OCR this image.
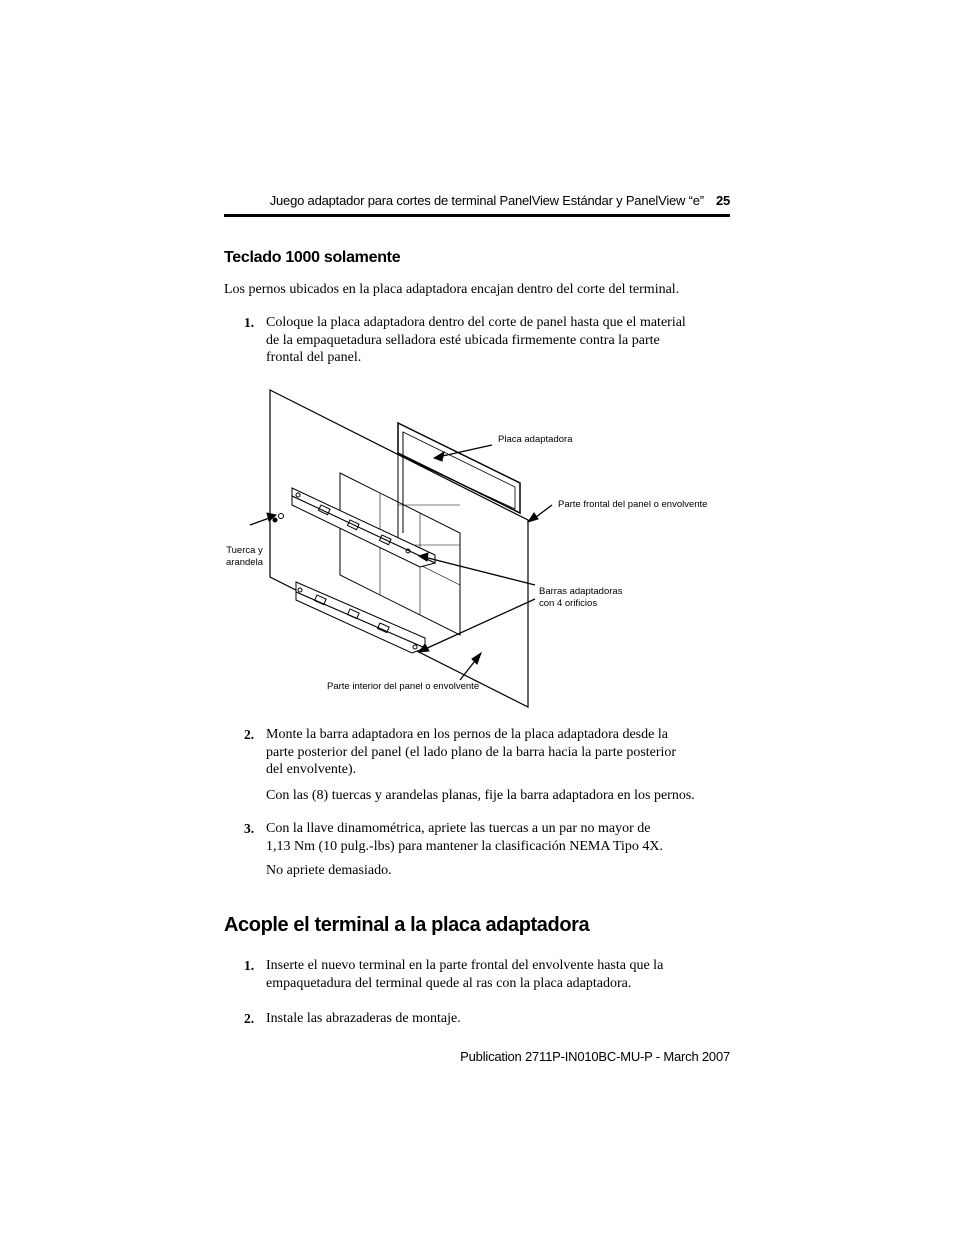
Juego adaptador para cortes de terminal PanelView Estándar y PanelView “e” 25
Teclado 1000 solamente
Los pernos ubicados en la placa adaptadora encajan dentro del corte del terminal.
1. Coloque la placa adaptadora dentro del corte de panel hasta que el material
de la empaquetadura selladora esté ubicada firmemente contra la parte
frontal del panel.
Placa adaptadora
Parte frontal del panel o envolvente
Tuerca y
arandela
Barras adaptadoras
con 4 orificios
Parte interior del panel o envolvente
2. Monte la barra adaptadora en los pernos de la placa adaptadora desde la
parte posterior del panel (el lado plano de la barra hacia la parte posterior
del envolvente).
Con las (8) tuercas y arandelas planas, fije la barra adaptadora en los pernos.
3. Con la llave dinamométrica, apriete las tuercas a un par no mayor de
1,13 Nm (10 pulg.-lbs) para mantener la clasificación NEMA Tipo 4X.
No apriete demasiado.
Acople el terminal a la placa adaptadora
1. Inserte el nuevo terminal en la parte frontal del envolvente hasta que la
empaquetadura del terminal quede al ras con la placa adaptadora.
2. Instale las abrazaderas de montaje.
Publication 2711P-IN010BC-MU-P - March 2007
